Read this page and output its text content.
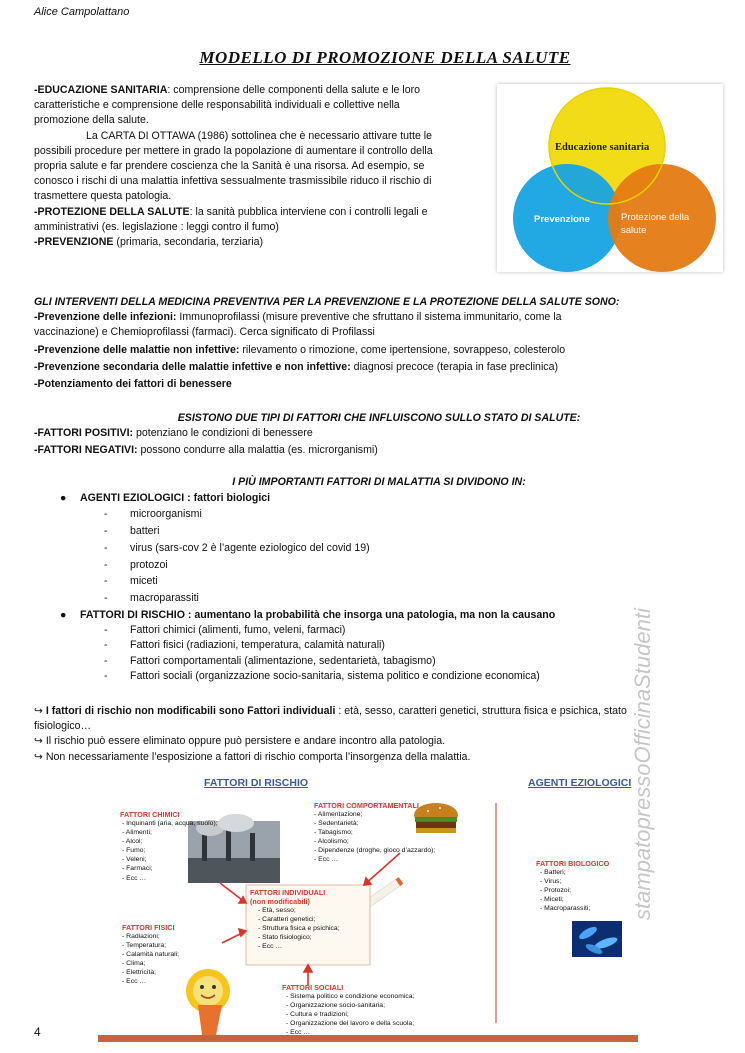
Alice Campolattano
MODELLO DI PROMOZIONE DELLA SALUTE
-EDUCAZIONE SANITARIA: comprensione delle componenti della salute e le loro
caratteristiche e comprensione delle responsabilità individuali e collettive nella
promozione della salute.
La CARTA DI OTTAWA (1986) sottolinea che è necessario attivare tutte le
possibili procedure per mettere in grado la popolazione di aumentare il controllo della
propria salute e far prendere coscienza che la Sanità è una risorsa. Ad esempio, se
conosco i rischi di una malattia infettiva sessualmente trasmissibile riduco il rischio di
trasmettere questa patologia.
-PROTEZIONE DELLA SALUTE: la sanità pubblica interviene con i controlli legali e
amministrativi (es. legislazione : leggi contro il fumo)
-PREVENZIONE (primaria, secondaria, terziaria)
Educazione sanitaria
Prevenzione	Protezione della
salute
GLI INTERVENTI DELLA MEDICINA PREVENTIVA PER LA PREVENZIONE E LA PROTEZIONE DELLA SALUTE SONO:
-Prevenzione delle infezioni: Immunoprofilassi (misure preventive che sfruttano il sistema immunitario, come la
vaccinazione) e Chemioprofilassi (farmaci). Cerca significato di Profilassi
-Prevenzione delle malattie non infettive: rilevamento o rimozione, come ipertensione, sovrappeso, colesterolo
-Prevenzione secondaria delle malattie infettive e non infettive: diagnosi precoce (terapia in fase preclinica)
-Potenziamento dei fattori di benessere
ESISTONO DUE TIPI DI FATTORI CHE INFLUISCONO SULLO STATO DI SALUTE:
-FATTORI POSITIVI: potenziano le condizioni di benessere
-FATTORI NEGATIVI: possono condurre alla malattia (es. microrganismi)
I PIÙ IMPORTANTI FATTORI DI MALATTIA SI DIVIDONO IN:
● AGENTI EZIOLOGICI : fattori biologici
- microorganismi
- batteri
- virus (sars-cov 2 è l’agente eziologico del covid 19)
- protozoi
- miceti
- macroparassiti
● FATTORI DI RISCHIO : aumentano la probabilità che insorga una patologia, ma non la causano
- Fattori chimici (alimenti, fumo, veleni, farmaci)
- Fattori fisici (radiazioni, temperatura, calamità naturali)
- Fattori comportamentali (alimentazione, sedentarietà, tabagismo)
- Fattori sociali (organizzazione socio-sanitaria, sistema politico e condizione economica)
↪ I fattori di rischio non modificabili sono Fattori individuali : età, sesso, caratteri genetici, struttura fisica e psichica, stato
fisiologico…
↪ Il rischio può essere eliminato oppure può persistere e andare incontro alla patologia.
↪ Non necessariamente l’esposizione a fattori di rischio comporta l’insorgenza della malattia.	stampatopressoOfficinaStudenti
FATTORI DI RISCHIO	AGENTI EZIOLOGICI
FATTORI CHIMICI
- Inquinanti (aria, acqua, suolo);
- Alimenti;
- Alcol;
- Fumo;
- Veleni;
- Farmaci;
- Ecc …
FATTORI COMPORTAMENTALI
- Alimentazione;
- Sedentarietà;
- Tabagismo;
- Alcolismo;
- Dipendenze (droghe, gioco d’azzardo);
- Ecc …
FATTORI INDIVIDUALI
(non modificabili)
- Età, sesso;
- Caratteri genetici;
- Struttura fisica e psichica;
- Stato fisiologico;
- Ecc …
FATTORI FISICI
- Radiazioni;
- Temperatura;
- Calamità naturali;
- Clima;
- Elettricità;
- Ecc …
FATTORI SOCIALI
- Sistema politico e condizione economica;
- Organizzazione socio-sanitaria;
- Cultura e tradizioni;
- Organizzazione del lavoro e della scuola;
- Ecc …
FATTORI BIOLOGICO
- Batteri;
- Virus;
- Protozoi;
- Miceti;
- Macroparassiti;
4
